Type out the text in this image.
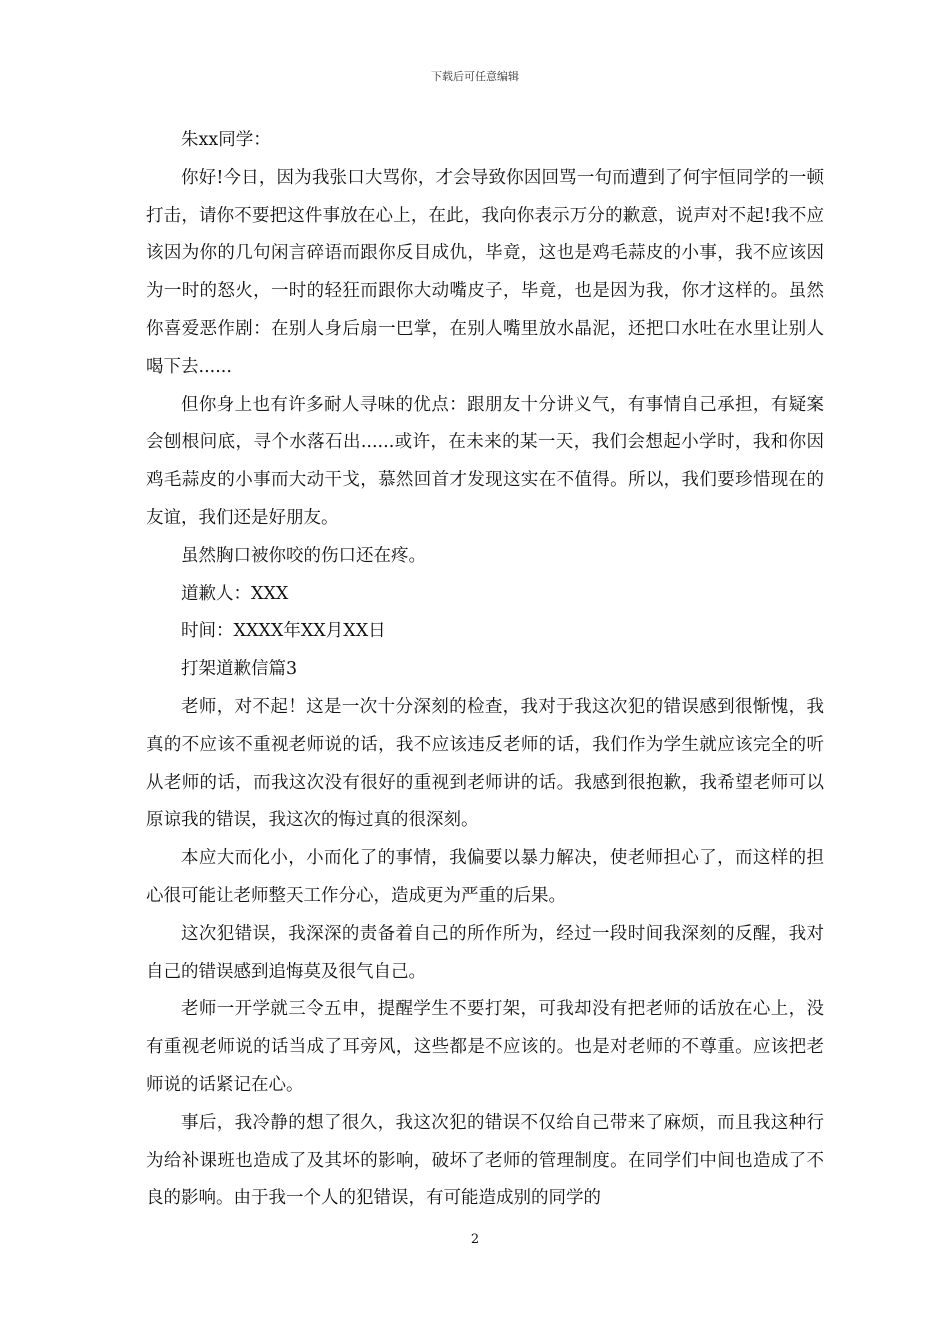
下载后可任意编辑

朱xx同学：

你好!今日，因为我张口大骂你，才会导致你因回骂一句而遭到了何宇恒同学的一顿打击，请你不要把这件事放在心上，在此，我向你表示万分的歉意，说声对不起!我不应该因为你的几句闲言碎语而跟你反目成仇，毕竟，这也是鸡毛蒜皮的小事，我不应该因为一时的怒火，一时的轻狂而跟你大动嘴皮子，毕竟，也是因为我，你才这样的。虽然你喜爱恶作剧：在别人身后扇一巴掌，在别人嘴里放水晶泥，还把口水吐在水里让别人喝下去......

但你身上也有许多耐人寻味的优点：跟朋友十分讲义气，有事情自己承担，有疑案会刨根问底，寻个水落石出......或许，在未来的某一天，我们会想起小学时，我和你因鸡毛蒜皮的小事而大动干戈，慕然回首才发现这实在不值得。所以，我们要珍惜现在的友谊，我们还是好朋友。

虽然胸口被你咬的伤口还在疼。

道歉人：XXX

时间：XXXX年XX月XX日

打架道歉信篇3

老师，对不起！这是一次十分深刻的检查，我对于我这次犯的错误感到很惭愧，我真的不应该不重视老师说的话，我不应该违反老师的话，我们作为学生就应该完全的听从老师的话，而我这次没有很好的重视到老师讲的话。我感到很抱歉，我希望老师可以原谅我的错误，我这次的悔过真的很深刻。

本应大而化小，小而化了的事情，我偏要以暴力解决，使老师担心了，而这样的担心很可能让老师整天工作分心，造成更为严重的后果。

这次犯错误，我深深的责备着自己的所作所为，经过一段时间我深刻的反醒，我对自己的错误感到追悔莫及很气自己。

老师一开学就三令五申，提醒学生不要打架，可我却没有把老师的话放在心上，没有重视老师说的话当成了耳旁风，这些都是不应该的。也是对老师的不尊重。应该把老师说的话紧记在心。

事后，我冷静的想了很久，我这次犯的错误不仅给自己带来了麻烦，而且我这种行为给补课班也造成了及其坏的影响，破坏了老师的管理制度。在同学们中间也造成了不良的影响。由于我一个人的犯错误，有可能造成别的同学的

2
